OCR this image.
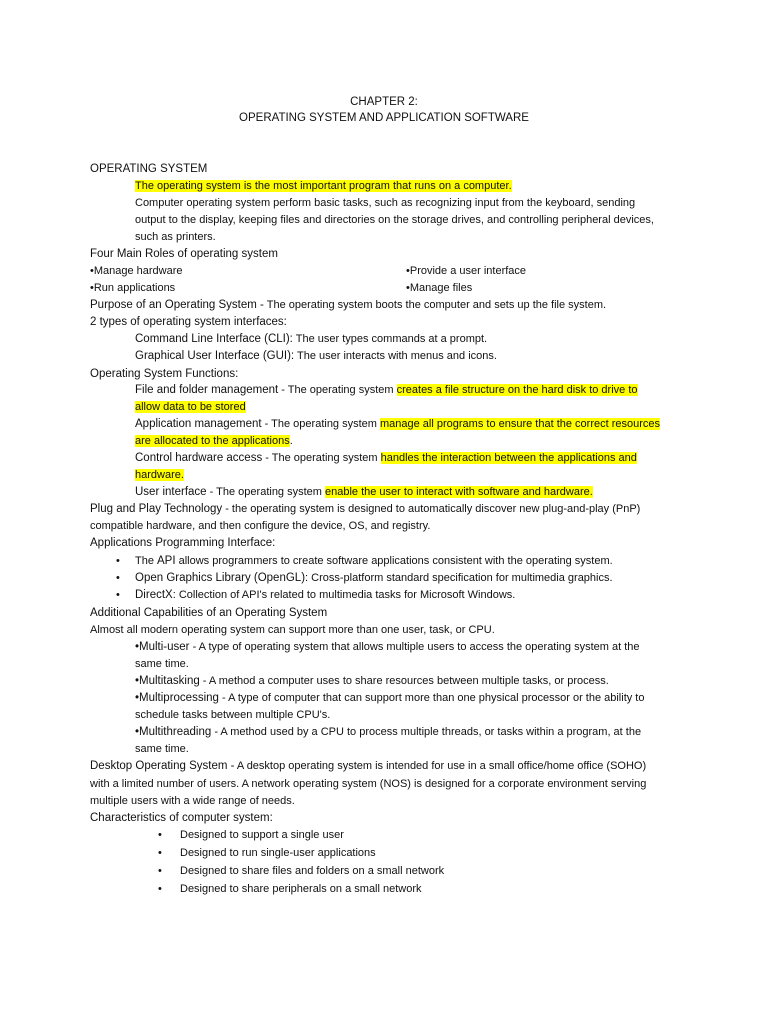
CHAPTER 2:
OPERATING SYSTEM AND APPLICATION SOFTWARE
OPERATING SYSTEM
The operating system is the most important program that runs on a computer.
Computer operating system perform basic tasks, such as recognizing input from the keyboard, sending
output to the display, keeping files and directories on the storage drives, and controlling peripheral devices,
such as printers.
Four Main Roles of operating system
•Manage hardware	•Provide a user interface
•Run applications	•Manage files
Purpose of an Operating System - The operating system boots the computer and sets up the file system.
2 types of operating system interfaces:
Command Line Interface (CLI): The user types commands at a prompt.
Graphical User Interface (GUI): The user interacts with menus and icons.
Operating System Functions:
File and folder management - The operating system creates a file structure on the hard disk to drive to
allow data to be stored
Application management - The operating system manage all programs to ensure that the correct resources
are allocated to the applications.
Control hardware access - The operating system handles the interaction between the applications and
hardware.
User interface - The operating system enable the user to interact with software and hardware.
Plug and Play Technology - the operating system is designed to automatically discover new plug-and-play (PnP)
compatible hardware, and then configure the device, OS, and registry.
Applications Programming Interface:
• The API allows programmers to create software applications consistent with the operating system.
• Open Graphics Library (OpenGL): Cross-platform standard specification for multimedia graphics.
• DirectX: Collection of API's related to multimedia tasks for Microsoft Windows.
Additional Capabilities of an Operating System
Almost all modern operating system can support more than one user, task, or CPU.
•Multi-user - A type of operating system that allows multiple users to access the operating system at the
same time.
•Multitasking - A method a computer uses to share resources between multiple tasks, or process.
•Multiprocessing - A type of computer that can support more than one physical processor or the ability to
schedule tasks between multiple CPU's.
•Multithreading - A method used by a CPU to process multiple threads, or tasks within a program, at the
same time.
Desktop Operating System - A desktop operating system is intended for use in a small office/home office (SOHO)
with a limited number of users. A network operating system (NOS) is designed for a corporate environment serving
multiple users with a wide range of needs.
Characteristics of computer system:
• Designed to support a single user
• Designed to run single-user applications
• Designed to share files and folders on a small network
• Designed to share peripherals on a small network
